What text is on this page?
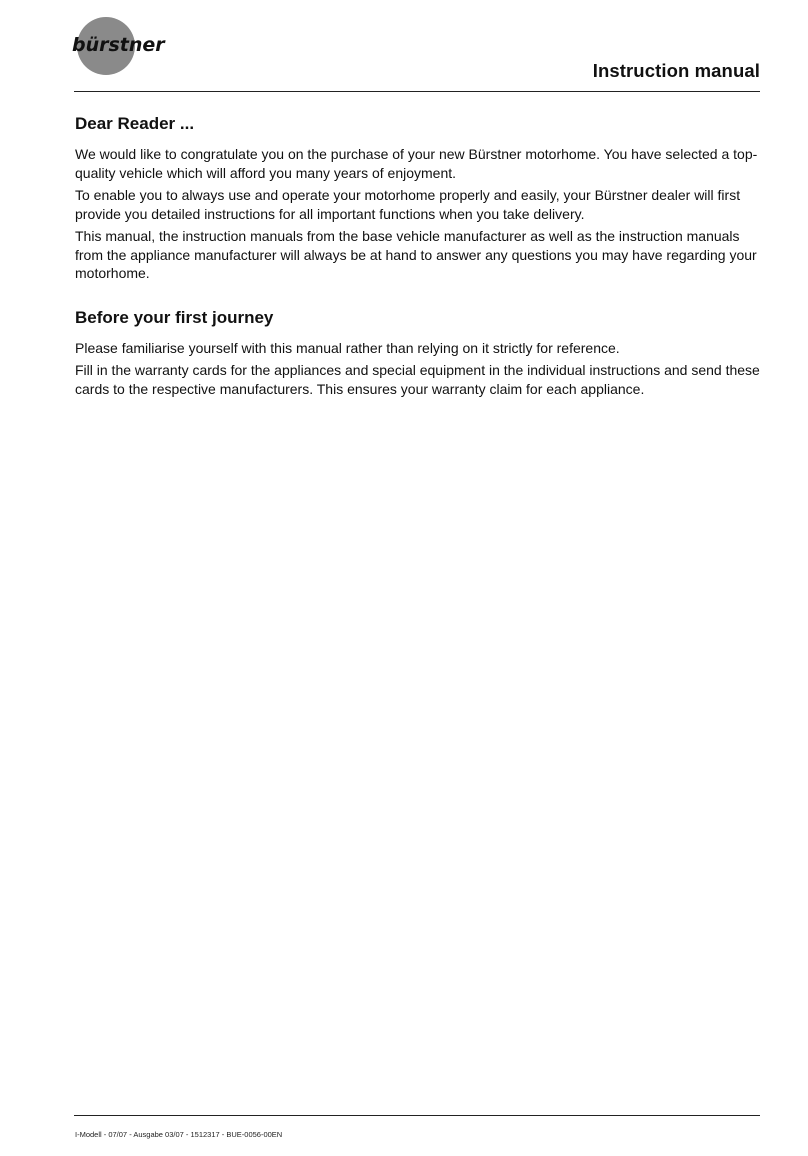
bürstner
Instruction manual
Dear Reader ...

We would like to congratulate you on the purchase of your new Bürstner motorhome. You have selected a top-quality vehicle which will afford you many years of enjoyment.

To enable you to always use and operate your motorhome properly and easily, your Bürstner dealer will first provide you detailed instructions for all important functions when you take delivery.

This manual, the instruction manuals from the base vehicle manufacturer as well as the instruction manuals from the appliance manufacturer will always be at hand to answer any questions you may have regarding your motorhome.

Before your first journey

Please familiarise yourself with this manual rather than relying on it strictly for reference.

Fill in the warranty cards for the appliances and special equipment in the individual instructions and send these cards to the respective manufacturers. This ensures your warranty claim for each appliance.

I-Modell - 07/07 - Ausgabe 03/07 - 1512317 - BUE-0056-00EN
